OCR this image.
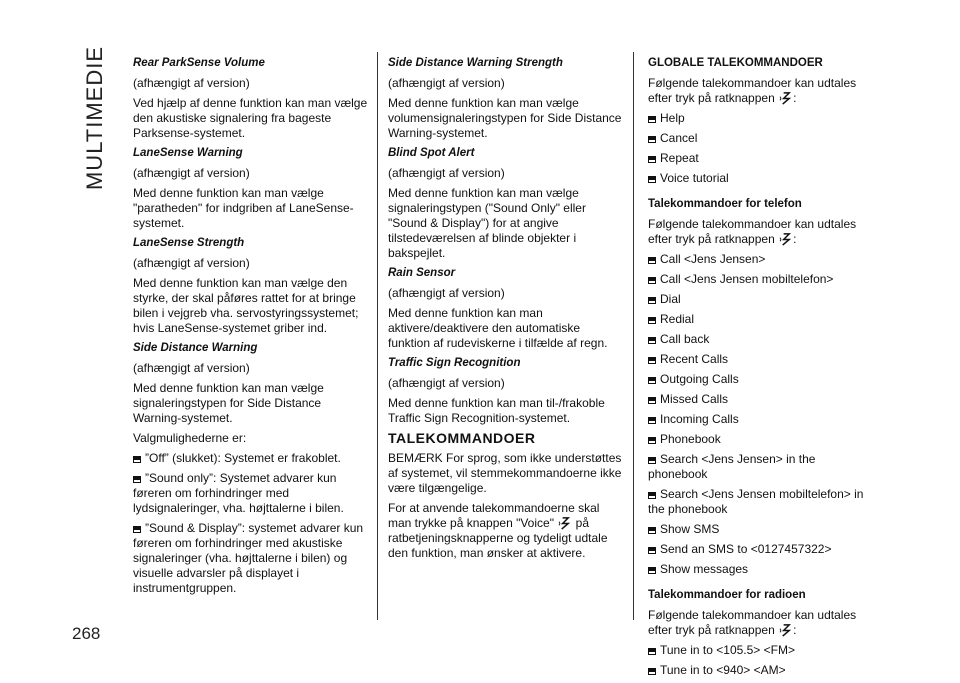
MULTIMEDIE
268

Rear ParkSense Volume

(afhængigt af version)

Ved hjælp af denne funktion kan man vælge den akustiske signalering fra bageste Parksense-systemet.

LaneSense Warning

(afhængigt af version)

Med denne funktion kan man vælge "paratheden" for indgriben af LaneSense-systemet.

LaneSense Strength

(afhængigt af version)

Med denne funktion kan man vælge den styrke, der skal påføres rattet for at bringe bilen i vejgreb vha. servostyringssystemet; hvis LaneSense-systemet griber ind.

Side Distance Warning

(afhængigt af version)

Med denne funktion kan man vælge signaleringstypen for Side Distance Warning-systemet.

Valgmulighederne er:

”Off” (slukket): Systemet er frakoblet.

”Sound only”: Systemet advarer kun føreren om forhindringer med lydsignaleringer, vha. højttalerne i bilen.

”Sound & Display”: systemet advarer kun føreren om forhindringer med akustiske signaleringer (vha. højttalerne i bilen) og visuelle advarsler på displayet i instrumentgruppen.

Side Distance Warning Strength

(afhængigt af version)

Med denne funktion kan man vælge volumensignaleringstypen for Side Distance Warning-systemet.

Blind Spot Alert

(afhængigt af version)

Med denne funktion kan man vælge signaleringstypen ("Sound Only" eller "Sound & Display") for at angive tilstedeværelsen af blinde objekter i bakspejlet.

Rain Sensor

(afhængigt af version)

Med denne funktion kan man aktivere/deaktivere den automatiske funktion af rudeviskerne i tilfælde af regn.

Traffic Sign Recognition

(afhængigt af version)

Med denne funktion kan man til-/frakoble Traffic Sign Recognition-systemet.

TALEKOMMANDOER

BEMÆRK For sprog, som ikke understøttes af systemet, vil stemmekommandoerne ikke være tilgængelige.

For at anvende talekommandoerne skal man trykke på knappen "Voice" på ratbetjeningsknapperne og tydeligt udtale den funktion, man ønsker at aktivere.

GLOBALE TALEKOMMANDOER

Følgende talekommandoer kan udtales efter tryk på ratknappen :

Help

Cancel

Repeat

Voice tutorial

Talekommandoer for telefon

Følgende talekommandoer kan udtales efter tryk på ratknappen :

Call <Jens Jensen>

Call <Jens Jensen mobiltelefon>

Dial

Redial

Call back

Recent Calls

Outgoing Calls

Missed Calls

Incoming Calls

Phonebook

Search <Jens Jensen> in the phonebook

Search <Jens Jensen mobiltelefon> in the phonebook

Show SMS

Send an SMS to <0127457322>

Show messages

Talekommandoer for radioen

Følgende talekommandoer kan udtales efter tryk på ratknappen :

Tune in to <105.5> <FM>

Tune in to <940> <AM>
